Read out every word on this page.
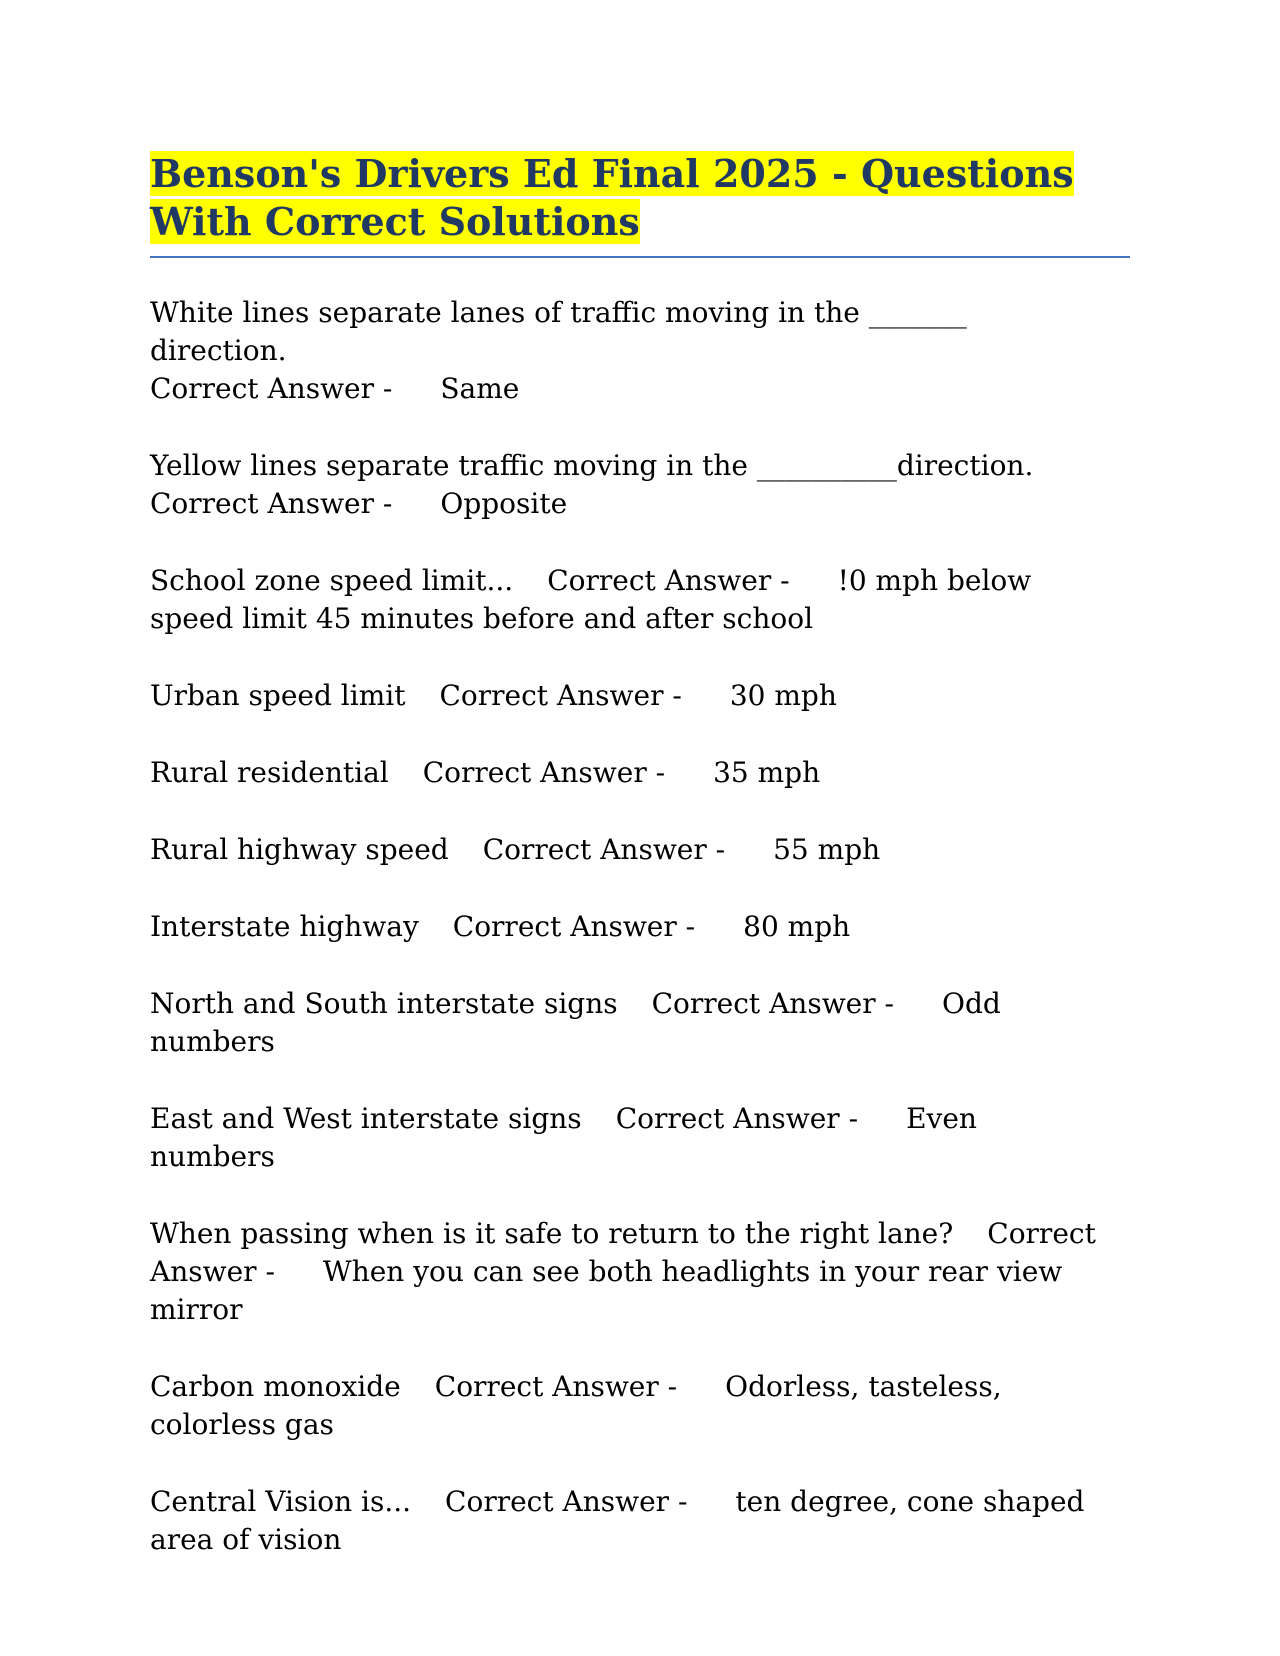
Benson's Drivers Ed Final 2025 - Questions With Correct Solutions

White lines separate lanes of traffic moving in the _______ direction.
Correct Answer - Same

Yellow lines separate traffic moving in the __________direction.
Correct Answer - Opposite

School zone speed limit... Correct Answer - !0 mph below speed limit 45 minutes before and after school

Urban speed limit Correct Answer - 30 mph

Rural residential Correct Answer - 35 mph

Rural highway speed Correct Answer - 55 mph

Interstate highway Correct Answer - 80 mph

North and South interstate signs Correct Answer - Odd numbers

East and West interstate signs Correct Answer - Even numbers

When passing when is it safe to return to the right lane? Correct Answer - When you can see both headlights in your rear view mirror

Carbon monoxide Correct Answer - Odorless, tasteless, colorless gas

Central Vision is... Correct Answer - ten degree, cone shaped area of vision
